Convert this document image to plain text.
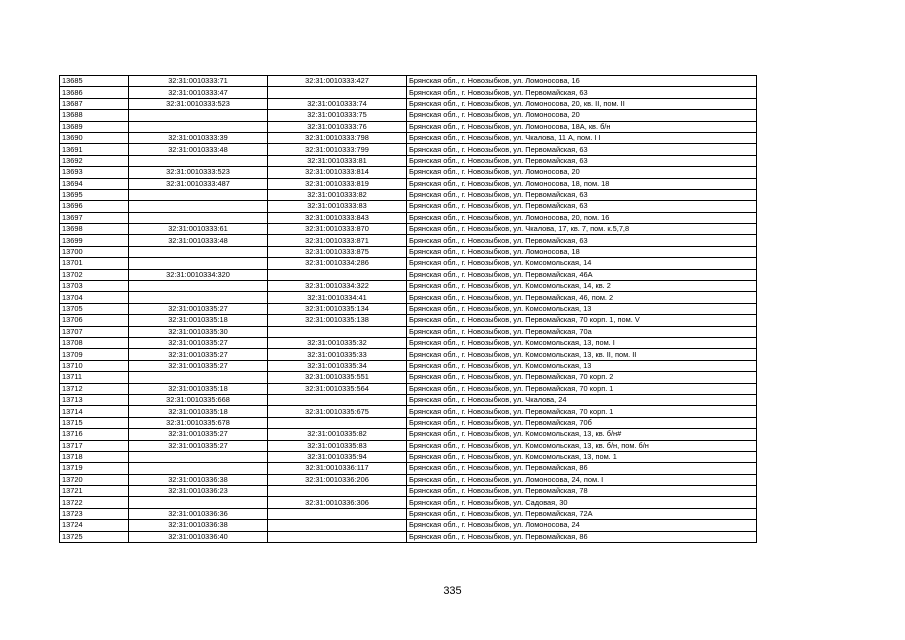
13685	32:31:0010333:71	32:31:0010333:427	Брянская обл., г. Новозыбков, ул. Ломоносова, 16
13686	32:31:0010333:47		Брянская обл., г. Новозыбков, ул. Первомайская, 63
13687	32:31:0010333:523	32:31:0010333:74	Брянская обл., г. Новозыбков, ул. Ломоносова, 20, кв. II, пом. II
13688		32:31:0010333:75	Брянская обл., г. Новозыбков, ул. Ломоносова, 20
13689		32:31:0010333:76	Брянская обл., г. Новозыбков, ул. Ломоносова, 18А, кв. б/н
13690	32:31:0010333:39	32:31:0010333:798	Брянская обл., г. Новозыбков, ул. Чкалова, 11 А, пом. I I
13691	32:31:0010333:48	32:31:0010333:799	Брянская обл., г. Новозыбков, ул. Первомайская, 63
13692		32:31:0010333:81	Брянская обл., г. Новозыбков, ул. Первомайская, 63
13693	32:31:0010333:523	32:31:0010333:814	Брянская обл., г. Новозыбков, ул. Ломоносова, 20
13694	32:31:0010333:487	32:31:0010333:819	Брянская обл., г. Новозыбков, ул. Ломоносова, 18, пом. 18
13695		32:31:0010333:82	Брянская обл., г. Новозыбков, ул. Первомайская, 63
13696		32:31:0010333:83	Брянская обл., г. Новозыбков, ул. Первомайская, 63
13697		32:31:0010333:843	Брянская обл., г. Новозыбков, ул. Ломоносова, 20, пом. 16
13698	32:31:0010333:61	32:31:0010333:870	Брянская обл., г. Новозыбков, ул. Чкалова, 17, кв. 7, пом. к.5,7,8
13699	32:31:0010333:48	32:31:0010333:871	Брянская обл., г. Новозыбков, ул. Первомайская, 63
13700		32:31:0010333:875	Брянская обл., г. Новозыбков, ул. Ломоносова, 18
13701		32:31:0010334:286	Брянская обл., г. Новозыбков, ул. Комсомольская, 14
13702	32:31:0010334:320		Брянская обл., г. Новозыбков, ул. Первомайская, 46А
13703		32:31:0010334:322	Брянская обл., г. Новозыбков, ул. Комсомольская, 14, кв. 2
13704		32:31:0010334:41	Брянская обл., г. Новозыбков, ул. Первомайская, 46, пом. 2
13705	32:31:0010335:27	32:31:0010335:134	Брянская обл., г. Новозыбков, ул. Комсомольская, 13
13706	32:31:0010335:18	32:31:0010335:138	Брянская обл., г. Новозыбков, ул. Первомайская, 70 корп. 1, пом. V
13707	32:31:0010335:30		Брянская обл., г. Новозыбков, ул. Первомайская, 70а
13708	32:31:0010335:27	32:31:0010335:32	Брянская обл., г. Новозыбков, ул. Комсомольская, 13, пом. I
13709	32:31:0010335:27	32:31:0010335:33	Брянская обл., г. Новозыбков, ул. Комсомольская, 13, кв. II, пом. II
13710	32:31:0010335:27	32:31:0010335:34	Брянская обл., г. Новозыбков, ул. Комсомольская, 13
13711		32:31:0010335:551	Брянская обл., г. Новозыбков, ул. Первомайская, 70 корп. 2
13712	32:31:0010335:18	32:31:0010335:564	Брянская обл., г. Новозыбков, ул. Первомайская, 70 корп. 1
13713	32:31:0010335:668		Брянская обл., г. Новозыбков, ул. Чкалова, 24
13714	32:31:0010335:18	32:31:0010335:675	Брянская обл., г. Новозыбков, ул. Первомайская, 70 корп. 1
13715	32:31:0010335:678		Брянская обл., г. Новозыбков, ул. Первомайская, 70б
13716	32:31:0010335:27	32:31:0010335:82	Брянская обл., г. Новозыбков, ул. Комсомольская, 13, кв. б/н#
13717	32:31:0010335:27	32:31:0010335:83	Брянская обл., г. Новозыбков, ул. Комсомольская, 13, кв. б/н, пом. б/н
13718		32:31:0010335:94	Брянская обл., г. Новозыбков, ул. Комсомольская, 13, пом. 1
13719		32:31:0010336:117	Брянская обл., г. Новозыбков, ул. Первомайская, 86
13720	32:31:0010336:38	32:31:0010336:206	Брянская обл., г. Новозыбков, ул. Ломоносова, 24, пом. I
13721	32:31:0010336:23		Брянская обл., г. Новозыбков, ул. Первомайская, 78
13722		32:31:0010336:306	Брянская обл., г. Новозыбков, ул. Садовая, 30
13723	32:31:0010336:36		Брянская обл., г. Новозыбков, ул. Первомайская, 72А
13724	32:31:0010336:38		Брянская обл., г. Новозыбков, ул. Ломоносова, 24
13725	32:31:0010336:40		Брянская обл., г. Новозыбков, ул. Первомайская, 86
335
